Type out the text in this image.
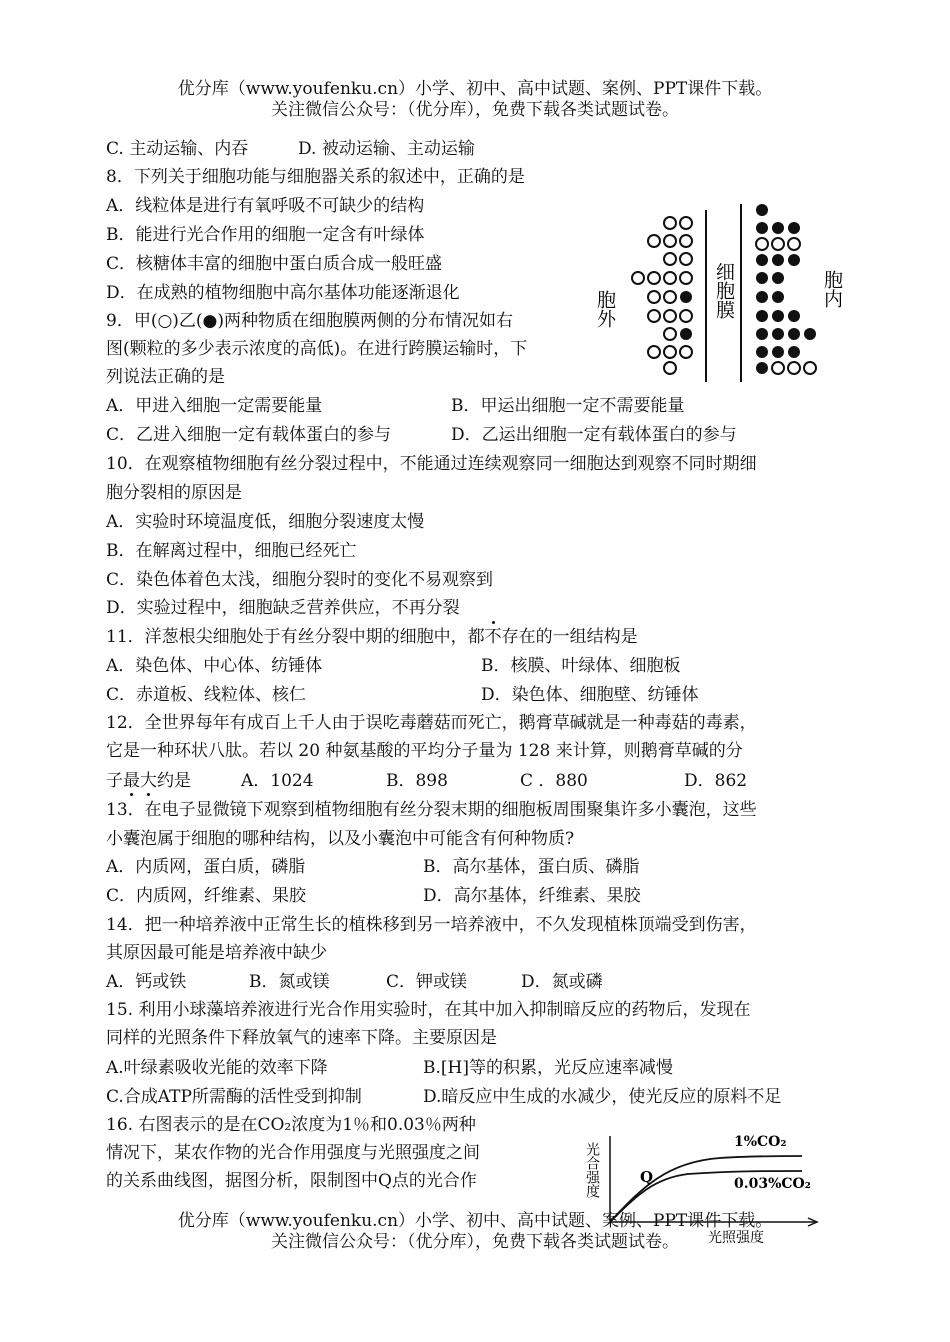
优分库（www.youfenku.cn）小学、初中、高中试题、案例、PPT课件下载。
关注微信公众号：（优分库），免费下载各类试题试卷。
C. 主动运输、内吞	D. 被动运输、主动运输
8．下列关于细胞功能与细胞器关系的叙述中，正确的是
A．线粒体是进行有氧呼吸不可缺少的结构
B．能进行光合作用的细胞一定含有叶绿体
C．核糖体丰富的细胞中蛋白质合成一般旺盛
D．在成熟的植物细胞中高尔基体功能逐渐退化
9．甲(○)乙(●)两种物质在细胞膜两侧的分布情况如右
图(颗粒的多少表示浓度的高低)。在进行跨膜运输时，下
列说法正确的是
A．甲进入细胞一定需要能量	B．甲运出细胞一定不需要能量
C．乙进入细胞一定有载体蛋白的参与	D．乙运出细胞一定有载体蛋白的参与
胞外	细胞膜	胞内
10．在观察植物细胞有丝分裂过程中，不能通过连续观察同一细胞达到观察不同时期细
胞分裂相的原因是
A．实验时环境温度低，细胞分裂速度太慢
B．在解离过程中，细胞已经死亡
C．染色体着色太浅，细胞分裂时的变化不易观察到
D．实验过程中，细胞缺乏营养供应，不再分裂
11．洋葱根尖细胞处于有丝分裂中期的细胞中，都不存在的一组结构是
A．染色体、中心体、纺锤体	B．核膜、叶绿体、细胞板
C．赤道板、线粒体、核仁	D．染色体、细胞壁、纺锤体
12．全世界每年有成百上千人由于误吃毒蘑菇而死亡，鹅膏草碱就是一种毒菇的毒素，
它是一种环状八肽。若以 20 种氨基酸的平均分子量为 128 来计算，则鹅膏草碱的分
子最大约是	A．1024	B．898	C ．880	D．862
13．在电子显微镜下观察到植物细胞有丝分裂末期的细胞板周围聚集许多小囊泡，这些
小囊泡属于细胞的哪种结构，以及小囊泡中可能含有何种物质?
A．内质网，蛋白质，磷脂	B．高尔基体，蛋白质、磷脂
C．内质网，纤维素、果胶	D．高尔基体，纤维素、果胶
14．把一种培养液中正常生长的植株移到另一培养液中，不久发现植株顶端受到伤害，
其原因最可能是培养液中缺少
A．钙或铁	B．氮或镁	C．钾或镁	D．氮或磷
15. 利用小球藻培养液进行光合作用实验时，在其中加入抑制暗反应的药物后，发现在
同样的光照条件下释放氧气的速率下降。主要原因是
A.叶绿素吸收光能的效率下降	B.[H]等的积累，光反应速率减慢
C.合成ATP所需酶的活性受到抑制	D.暗反应中生成的水减少，使光反应的原料不足
16. 右图表示的是在CO₂浓度为1％和0.03％两种
情况下，某农作物的光合作用强度与光照强度之间
的关系曲线图，据图分析，限制图中Q点的光合作	光合强度
光照强度
Q
1%CO₂
0.03%CO₂
优分库（www.youfenku.cn）小学、初中、高中试题、案例、PPT课件下载。
关注微信公众号：（优分库），免费下载各类试题试卷。
